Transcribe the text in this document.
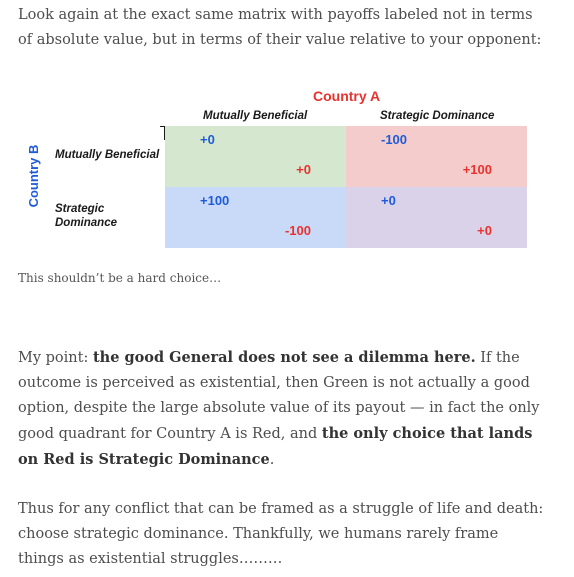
Look again at the exact same matrix with payoffs labeled not in terms of absolute value, but in terms of their value relative to your opponent:

Country A
Mutually Beneficial	Strategic Dominance
Country B Mutually Beneficial
Strategic
Dominance
+0
+0
-100
+100
+100
-100
+0
+0
This shouldn’t be a hard choice…

My point: the good General does not see a dilemma here. If the outcome is perceived as existential, then Green is not actually a good option, despite the large absolute value of its payout — in fact the only good quadrant for Country A is Red, and the only choice that lands on Red is Strategic Dominance.

Thus for any conflict that can be framed as a struggle of life and death: choose strategic dominance. Thankfully, we humans rarely frame things as existential struggles………
